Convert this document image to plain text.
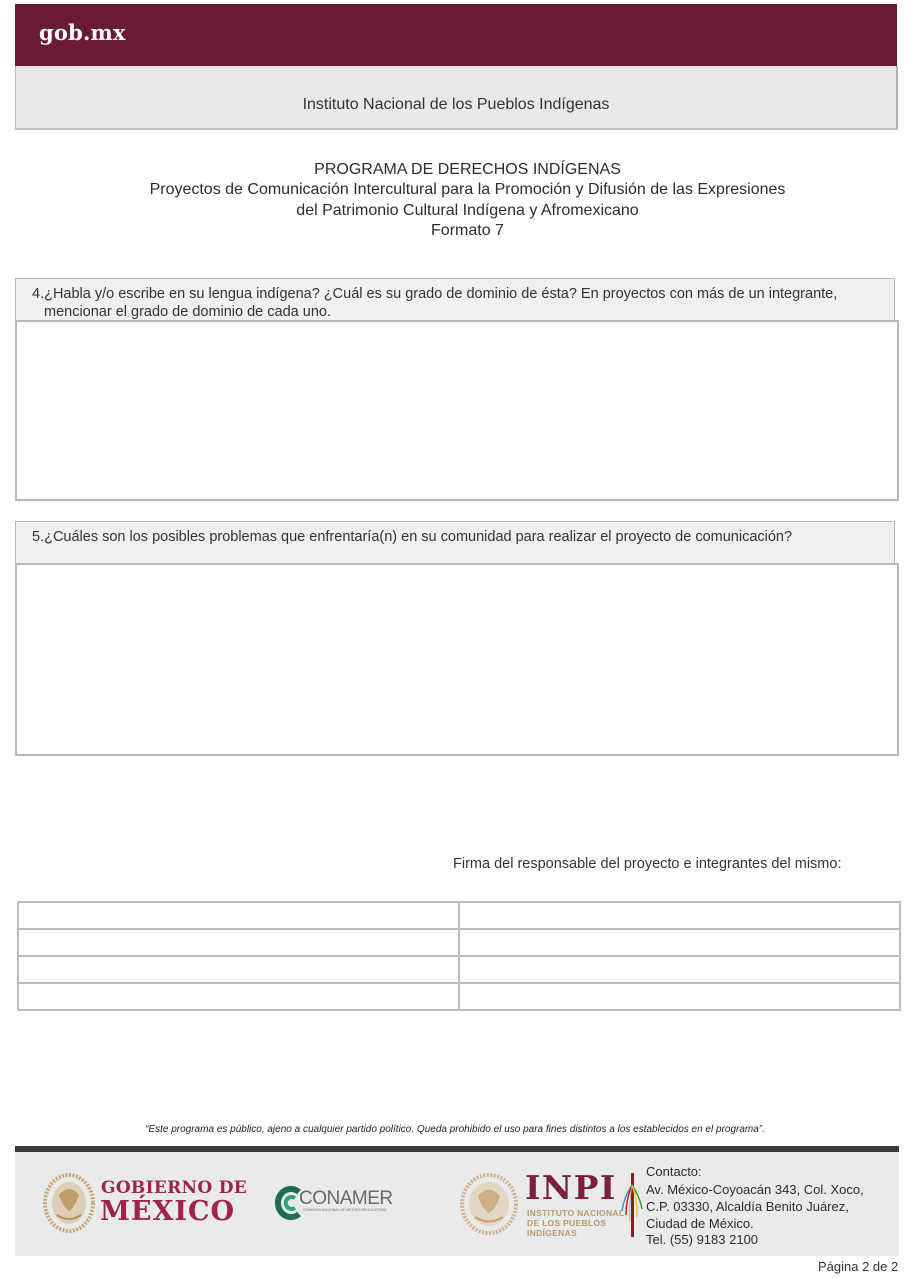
gob.mx
Instituto Nacional de los Pueblos Indígenas
PROGRAMA DE DERECHOS INDÍGENAS
Proyectos de Comunicación Intercultural para la Promoción y Difusión de las Expresiones
del Patrimonio Cultural Indígena y Afromexicano
Formato 7
4.¿Habla y/o escribe en su lengua indígena? ¿Cuál es su grado de dominio de ésta? En proyectos con más de un integrante,
mencionar el grado de dominio de cada uno.
5.¿Cuáles son los posibles problemas que enfrentaría(n) en su comunidad para realizar el proyecto de comunicación?
Firma del responsable del proyecto e integrantes del mismo:

“Este programa es público, ajeno a cualquier partido político. Queda prohibido el uso para fines distintos a los establecidos en el programa”.
GOBIERNO DE
MÉXICO	CONAMER
COMISIÓN NACIONAL DE MEJORA REGULATORIA
INPI
INSTITUTO NACIONAL
DE LOS PUEBLOS
INDÍGENAS
Contacto:
Av. México-Coyoacán 343, Col. Xoco,
C.P. 03330, Alcaldía Benito Juárez,
Ciudad de México.
Tel. (55) 9183 2100
Página 2 de 2
